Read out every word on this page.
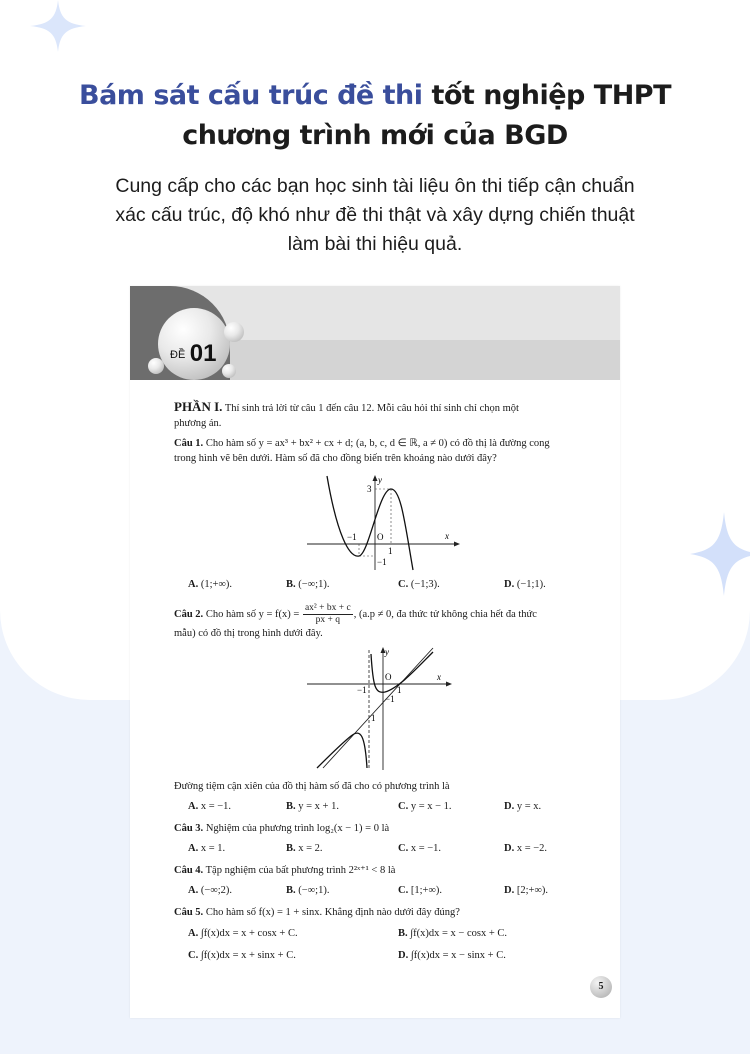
Bám sát cấu trúc đề thi tốt nghiệp THPT
chương trình mới của BGD
Cung cấp cho các bạn học sinh tài liệu ôn thi tiếp cận chuẩn xác cấu trúc, độ khó như đề thi thật và xây dựng chiến thuật làm bài thi hiệu quả.
ĐỀ 01
PHẦN I. Thí sinh trả lời từ câu 1 đến câu 12. Mỗi câu hỏi thí sinh chỉ chọn một
phương án.
Câu 1. Cho hàm số y = ax³ + bx² + cx + d; (a, b, c, d ∈ ℝ, a ≠ 0) có đồ thị là đường cong
trong hình vẽ bên dưới. Hàm số đã cho đồng biến trên khoảng nào dưới đây?
y
x
3
O
−1
1
−1
A. (1;+∞).	B. (−∞;1).	C. (−1;3).	D. (−1;1).
Câu 2. Cho hàm số $y = f(x) = \frac{\text{ax² + bx + c}}{px + q}$ , (a.p ≠ 0, đa thức tử không chia hết đa thức
mẫu) có đồ thị trong hình dưới đây.
y
x
O
−1	1
−1
1
Đường tiệm cận xiên của đồ thị hàm số đã cho có phương trình là
A. x = −1.	B. y = x + 1.	C. y = x − 1.	D. y = x.
Câu 3. Nghiệm của phương trình log₂(x − 1) = 0 là
A. x = 1.	B. x = 2.	C. x = −1.	D. x = −2.
Câu 4. Tập nghiệm của bất phương trình 2²ˣ⁺¹ < 8 là
A. (−∞;2).	B. (−∞;1).	C. [1;+∞).	D. [2;+∞).
Câu 5. Cho hàm số f(x) = 1 + sinx. Khẳng định nào dưới đây đúng?
A. ∫f(x)dx = x + cosx + C.	B. ∫f(x)dx = x − cosx + C.
C. ∫f(x)dx = x + sinx + C.	D. ∫f(x)dx = x − sinx + C.
5
